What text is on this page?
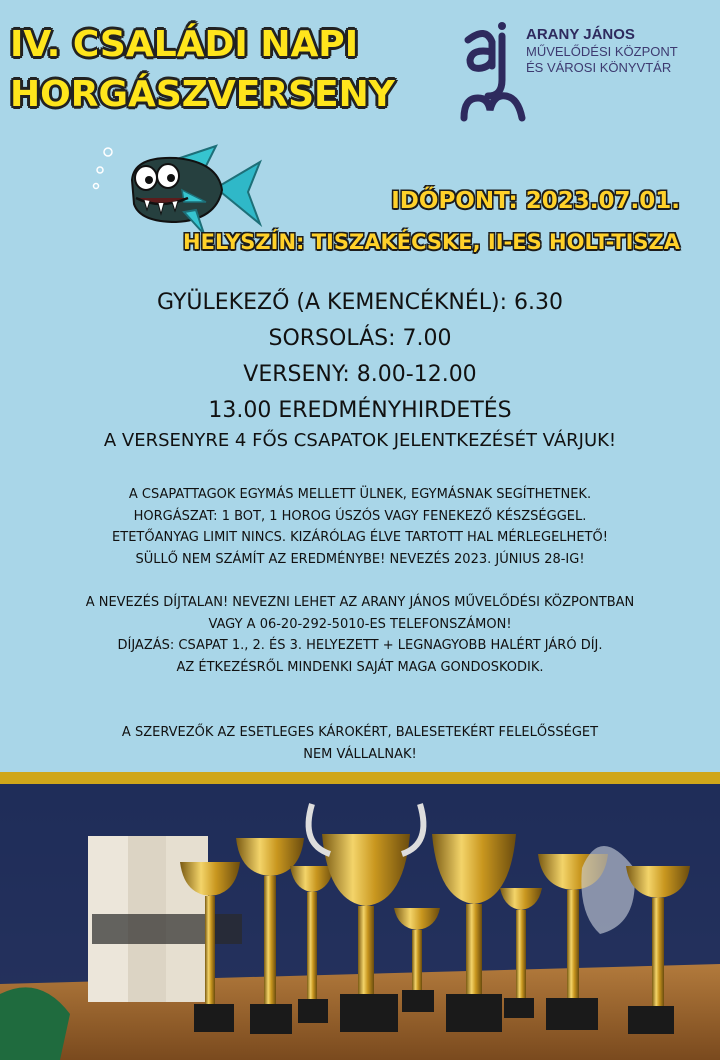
IV. CSALÁDI NAPI
HORGÁSZVERSENY
ARANY JÁNOS
MŰVELŐDÉSI KÖZPONT
ÉS VÁROSI KÖNYVTÁR
IDŐPONT: 2023.07.01.
HELYSZÍN: TISZAKÉCSKE, II-ES HOLT-TISZA
GYÜLEKEZŐ (A KEMENCÉKNÉL): 6.30
SORSOLÁS: 7.00
VERSENY: 8.00-12.00
13.00 EREDMÉNYHIRDETÉS
A VERSENYRE 4 FŐS CSAPATOK JELENTKEZÉSÉT VÁRJUK!
A CSAPATTAGOK EGYMÁS MELLETT ÜLNEK, EGYMÁSNAK SEGÍTHETNEK.
HORGÁSZAT: 1 BOT, 1 HOROG ÚSZÓS VAGY FENEKEZŐ KÉSZSÉGGEL.
ETETŐANYAG LIMIT NINCS. KIZÁRÓLAG ÉLVE TARTOTT HAL MÉRLEGELHETŐ!
SÜLLŐ NEM SZÁMÍT AZ EREDMÉNYBE! NEVEZÉS 2023. JÚNIUS 28-IG!
A NEVEZÉS DÍJTALAN! NEVEZNI LEHET AZ ARANY JÁNOS MŰVELŐDÉSI KÖZPONTBAN
VAGY A 06-20-292-5010-ES TELEFONSZÁMON!
DÍJAZÁS: CSAPAT 1., 2. ÉS 3. HELYEZETT + LEGNAGYOBB HALÉRT JÁRÓ DÍJ.
AZ ÉTKEZÉSRŐL MINDENKI SAJÁT MAGA GONDOSKODIK.
A SZERVEZŐK AZ ESETLEGES KÁROKÉRT, BALESETEKÉRT FELELŐSSÉGET
NEM VÁLLALNAK!
